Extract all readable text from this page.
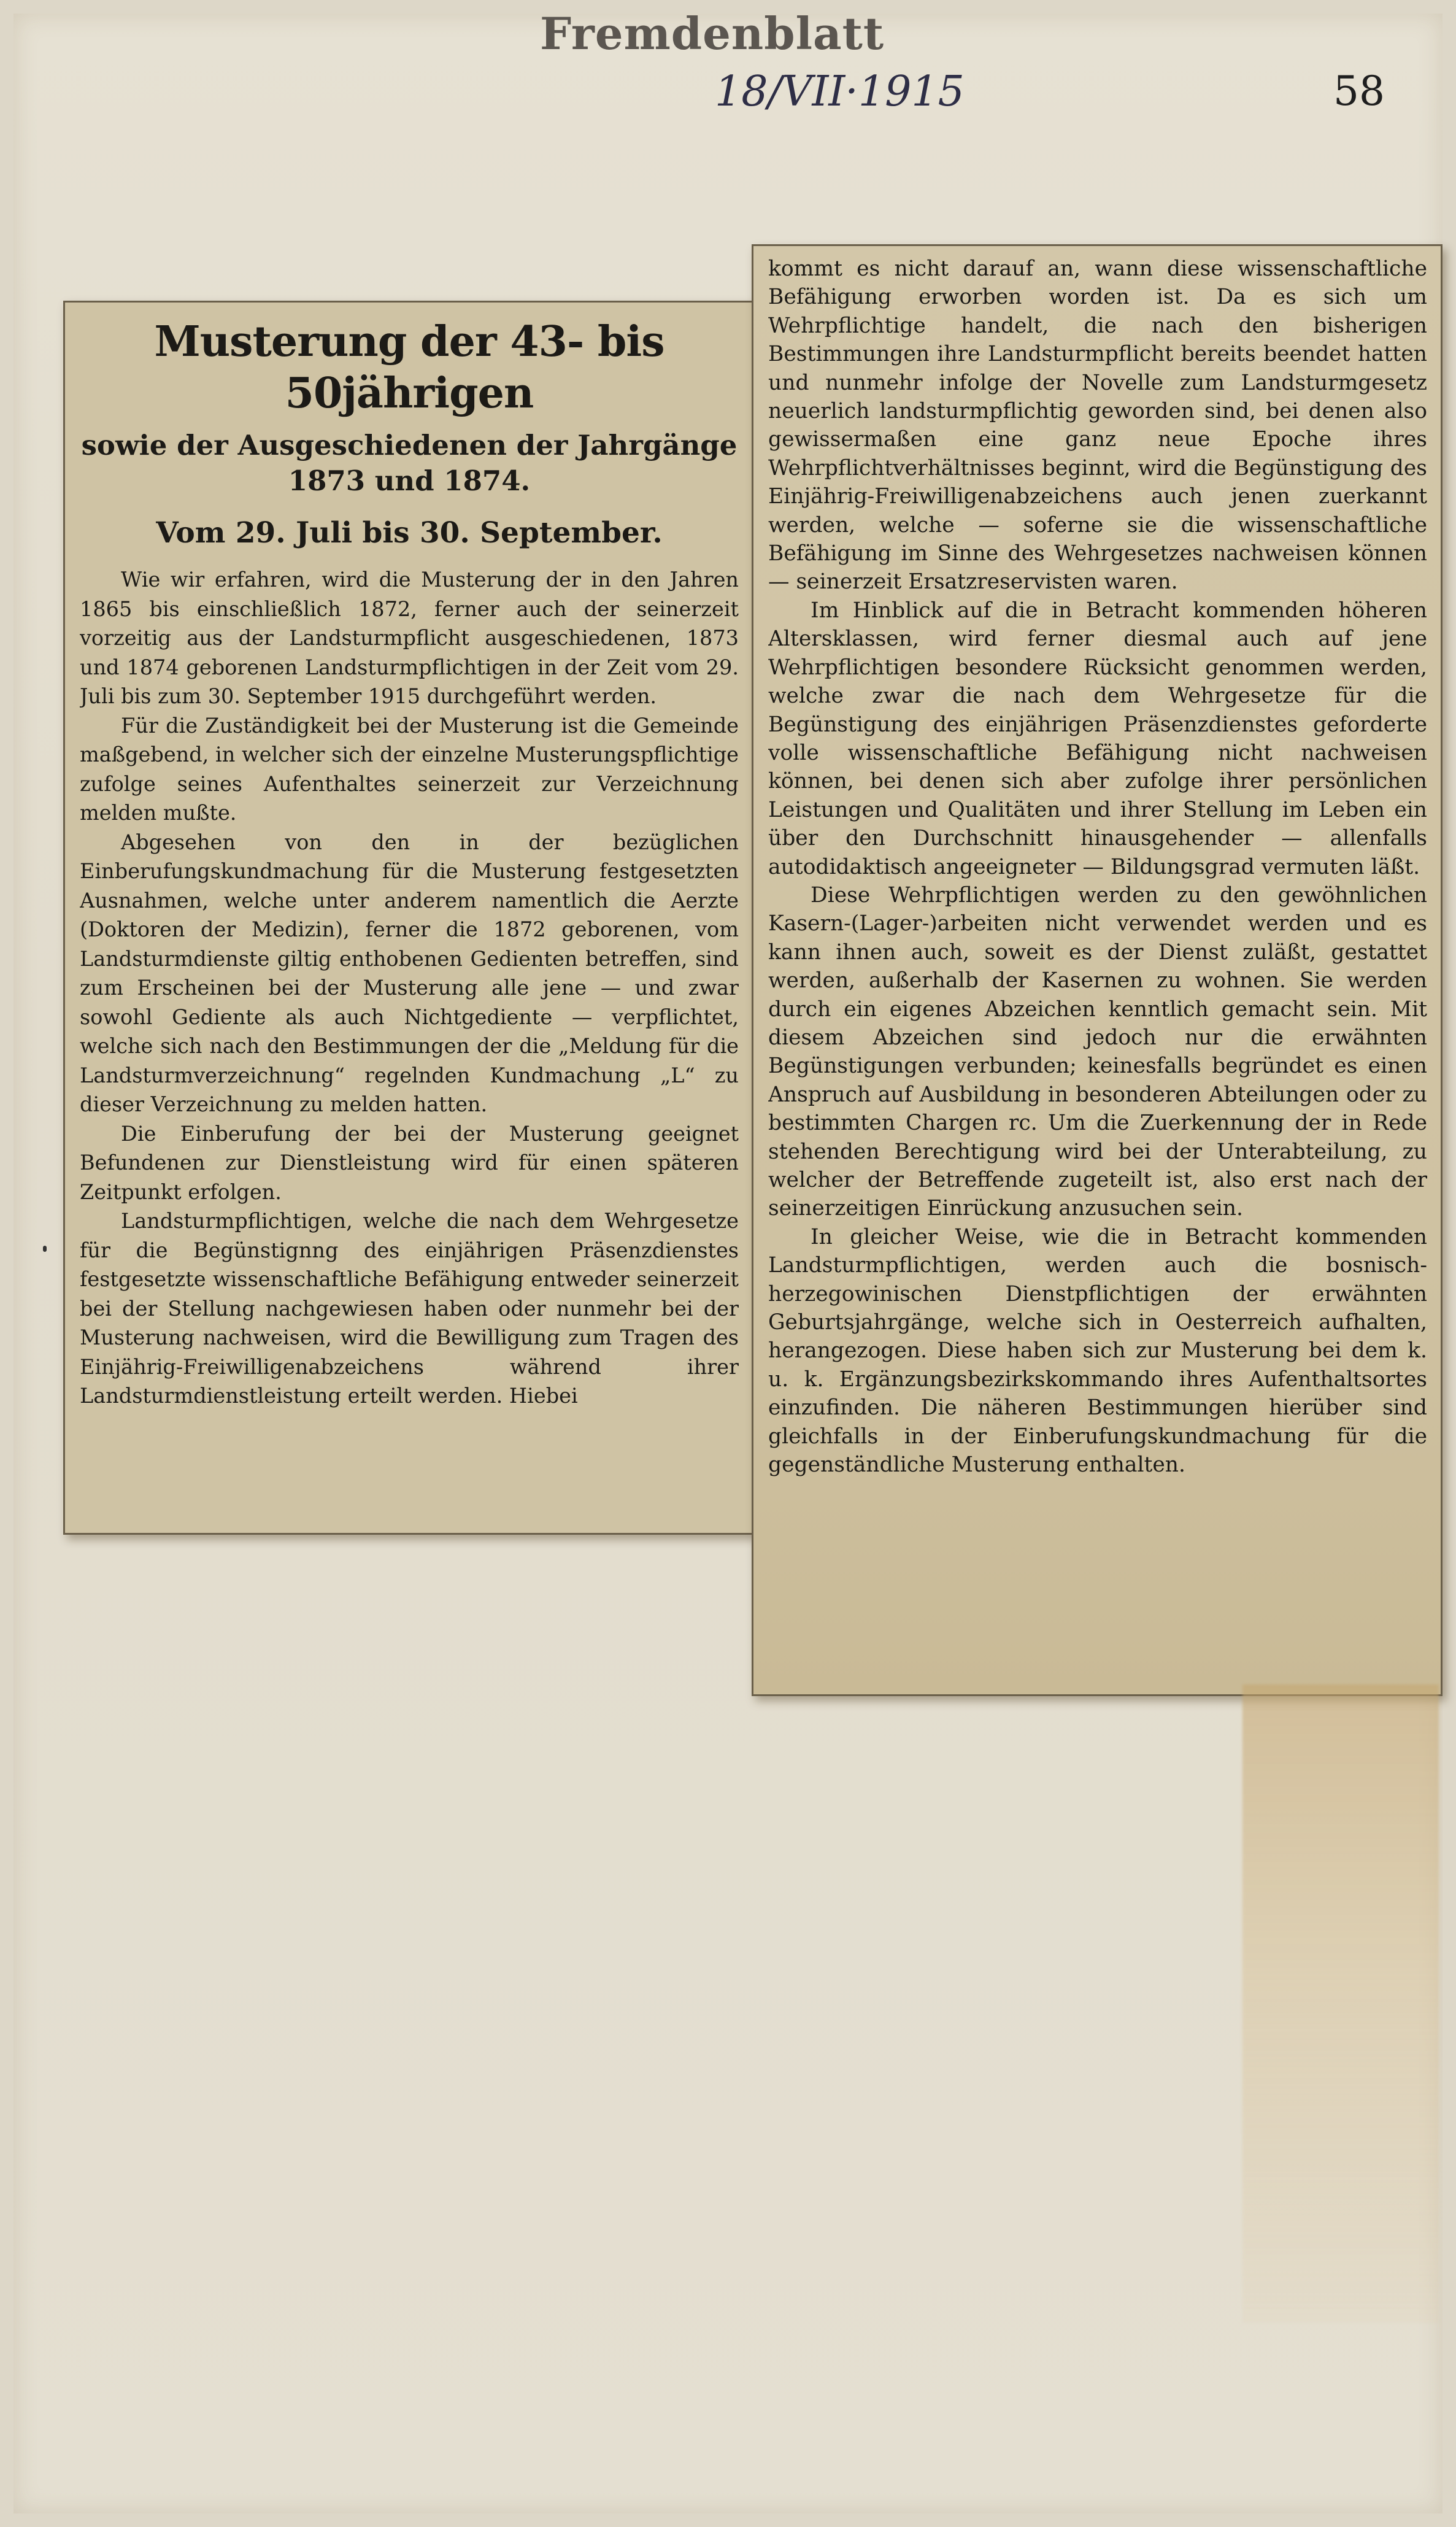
Fremdenblatt
18/VII·1915	58
Musterung der 43- bis 50jährigen

sowie der Ausgeschiedenen der Jahrgänge 1873 und 1874.

Vom 29. Juli bis 30. September.

Wie wir erfahren, wird die Musterung der in den Jahren 1865 bis einschließlich 1872, ferner auch der seinerzeit vorzeitig aus der Landsturmpflicht ausgeschiedenen, 1873 und 1874 geborenen Landsturmpflichtigen in der Zeit vom 29. Juli bis zum 30. September 1915 durchgeführt werden.

Für die Zuständigkeit bei der Musterung ist die Gemeinde maßgebend, in welcher sich der einzelne Musterungspflichtige zufolge seines Aufenthaltes seinerzeit zur Verzeichnung melden mußte.

Abgesehen von den in der bezüglichen Einberufungskundmachung für die Musterung festgesetzten Ausnahmen, welche unter anderem namentlich die Aerzte (Doktoren der Medizin), ferner die 1872 geborenen, vom Landsturmdienste giltig enthobenen Gedienten betreffen, sind zum Erscheinen bei der Musterung alle jene — und zwar sowohl Gediente als auch Nichtgediente — verpflichtet, welche sich nach den Bestimmungen der die „Meldung für die Landsturmverzeichnung“ regelnden Kundmachung „L“ zu dieser Verzeichnung zu melden hatten.

Die Einberufung der bei der Musterung geeignet Befundenen zur Dienstleistung wird für einen späteren Zeitpunkt erfolgen.

Landsturmpflichtigen, welche die nach dem Wehrgesetze für die Begünstignng des einjährigen Präsenzdienstes festgesetzte wissenschaftliche Befähigung entweder seinerzeit bei der Stellung nachgewiesen haben oder nunmehr bei der Musterung nachweisen, wird die Bewilligung zum Tragen des Einjährig-Freiwilligenabzeichens während ihrer Landsturmdienstleistung erteilt werden. Hiebei

kommt es nicht darauf an, wann diese wissenschaftliche Befähigung erworben worden ist. Da es sich um Wehrpflichtige handelt, die nach den bisherigen Bestimmungen ihre Landsturmpflicht bereits beendet hatten und nunmehr infolge der Novelle zum Landsturmgesetz neuerlich landsturmpflichtig geworden sind, bei denen also gewissermaßen eine ganz neue Epoche ihres Wehrpflichtverhältnisses beginnt, wird die Begünstigung des Einjährig-Freiwilligenabzeichens auch jenen zuerkannt werden, welche — soferne sie die wissenschaftliche Befähigung im Sinne des Wehrgesetzes nachweisen können — seinerzeit Ersatzreservisten waren.

Im Hinblick auf die in Betracht kommenden höheren Altersklassen, wird ferner diesmal auch auf jene Wehrpflichtigen besondere Rücksicht genommen werden, welche zwar die nach dem Wehrgesetze für die Begünstigung des einjährigen Präsenzdienstes geforderte volle wissenschaftliche Befähigung nicht nachweisen können, bei denen sich aber zufolge ihrer persönlichen Leistungen und Qualitäten und ihrer Stellung im Leben ein über den Durchschnitt hinausgehender — allenfalls autodidaktisch angeeigneter — Bildungsgrad vermuten läßt.

Diese Wehrpflichtigen werden zu den gewöhnlichen Kasern-(Lager-)arbeiten nicht verwendet werden und es kann ihnen auch, soweit es der Dienst zuläßt, gestattet werden, außerhalb der Kasernen zu wohnen. Sie werden durch ein eigenes Abzeichen kenntlich gemacht sein. Mit diesem Abzeichen sind jedoch nur die erwähnten Begünstigungen verbunden; keinesfalls begründet es einen Anspruch auf Ausbildung in besonderen Abteilungen oder zu bestimmten Chargen rc. Um die Zuerkennung der in Rede stehenden Berechtigung wird bei der Unterabteilung, zu welcher der Betreffende zugeteilt ist, also erst nach der seinerzeitigen Einrückung anzusuchen sein.

In gleicher Weise, wie die in Betracht kommenden Landsturmpflichtigen, werden auch die bosnisch-herzegowinischen Dienstpflichtigen der erwähnten Geburtsjahrgänge, welche sich in Oesterreich aufhalten, herangezogen. Diese haben sich zur Musterung bei dem k. u. k. Ergänzungsbezirkskommando ihres Aufenthaltsortes einzufinden. Die näheren Bestimmungen hierüber sind gleichfalls in der Einberufungskundmachung für die gegenständliche Musterung enthalten.
